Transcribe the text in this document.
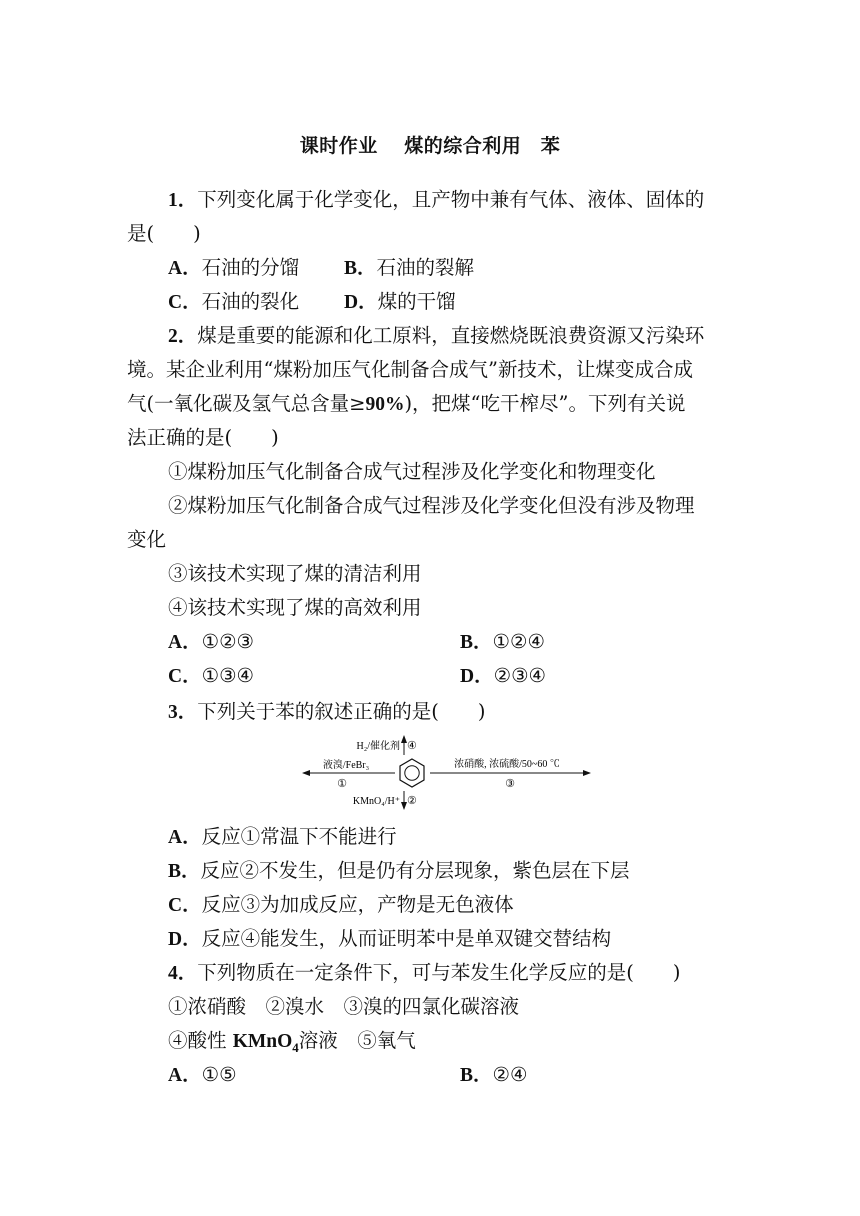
课时作业　 煤的综合利用　苯
1．下列变化属于化学变化，且产物中兼有气体、液体、固体的
是(　　)
A．石油的分馏 B．石油的裂解
C．石油的裂化 D．煤的干馏
2．煤是重要的能源和化工原料，直接燃烧既浪费资源又污染环
境。某企业利用“煤粉加压气化制备合成气”新技术，让煤变成合成
气(一氧化碳及氢气总含量≥90%)，把煤“吃干榨尽”。下列有关说
法正确的是(　　)
①煤粉加压气化制备合成气过程涉及化学变化和物理变化
②煤粉加压气化制备合成气过程涉及化学变化但没有涉及物理
变化
③该技术实现了煤的清洁利用
④该技术实现了煤的高效利用
A．①②③	B．①②④
C．①③④	D．②③④
3．下列关于苯的叙述正确的是(　　)
H₂/催化剂 ④
液溴/FeBr₃
①
KMnO₄/H⁺ ②
浓硝酸, 浓硫酸/50~60 ℃
③
A．反应①常温下不能进行
B．反应②不发生，但是仍有分层现象，紫色层在下层
C．反应③为加成反应，产物是无色液体
D．反应④能发生，从而证明苯中是单双键交替结构
4．下列物质在一定条件下，可与苯发生化学反应的是(　　)
①浓硝酸　②溴水　③溴的四氯化碳溶液
④酸性 KMnO$_4$溶液　⑤氧气
A．①⑤	B．②④
